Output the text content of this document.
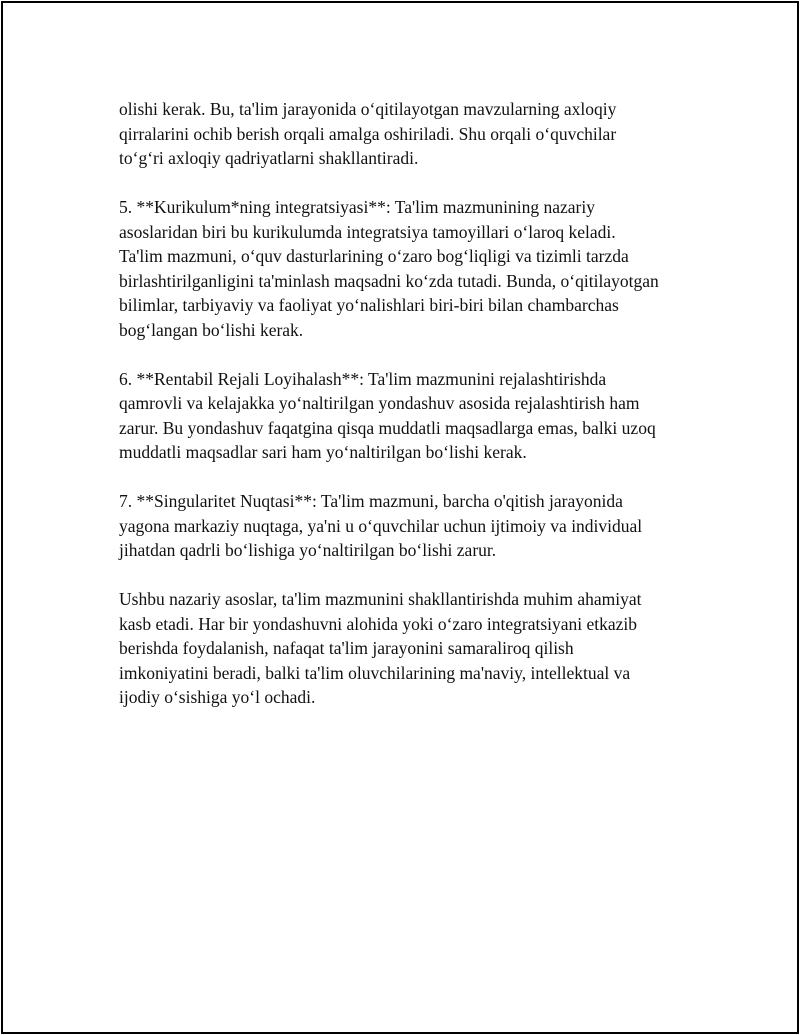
olishi kerak. Bu, ta'lim jarayonida o‘qitilayotgan mavzularning axloqiy
qirralarini ochib berish orqali amalga oshiriladi. Shu orqali o‘quvchilar
to‘g‘ri axloqiy qadriyatlarni shakllantiradi.

5. **Kurikulum*ning integratsiyasi**: Ta'lim mazmunining nazariy
asoslaridan biri bu kurikulumda integratsiya tamoyillari o‘laroq keladi.
Ta'lim mazmuni, o‘quv dasturlarining o‘zaro bog‘liqligi va tizimli tarzda
birlashtirilganligini ta'minlash maqsadni ko‘zda tutadi. Bunda, o‘qitilayotgan
bilimlar, tarbiyaviy va faoliyat yo‘nalishlari biri-biri bilan chambarchas
bog‘langan bo‘lishi kerak.

6. **Rentabil Rejali Loyihalash**: Ta'lim mazmunini rejalashtirishda
qamrovli va kelajakka yo‘naltirilgan yondashuv asosida rejalashtirish ham
zarur. Bu yondashuv faqatgina qisqa muddatli maqsadlarga emas, balki uzoq
muddatli maqsadlar sari ham yo‘naltirilgan bo‘lishi kerak.

7. **Singularitet Nuqtasi**: Ta'lim mazmuni, barcha o'qitish jarayonida
yagona markaziy nuqtaga, ya'ni u o‘quvchilar uchun ijtimoiy va individual
jihatdan qadrli bo‘lishiga yo‘naltirilgan bo‘lishi zarur.

Ushbu nazariy asoslar, ta'lim mazmunini shakllantirishda muhim ahamiyat
kasb etadi. Har bir yondashuvni alohida yoki o‘zaro integratsiyani etkazib
berishda foydalanish, nafaqat ta'lim jarayonini samaraliroq qilish
imkoniyatini beradi, balki ta'lim oluvchilarining ma'naviy, intellektual va
ijodiy o‘sishiga yo‘l ochadi.
